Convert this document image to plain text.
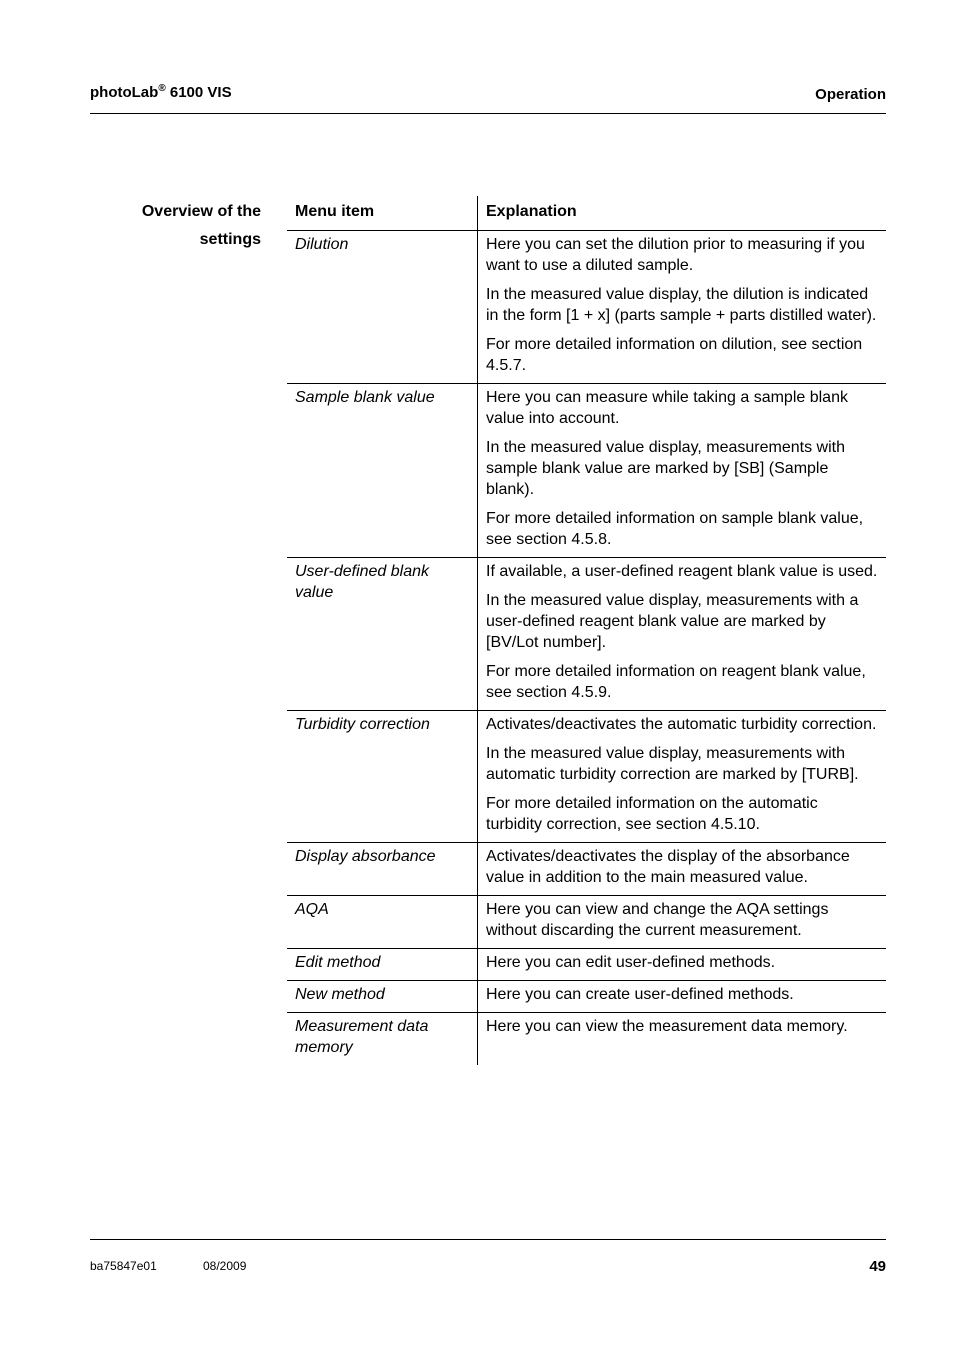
photoLab® 6100 VIS	Operation
Overview of the
settings
Menu item	Explanation
Dilution	Here you can set the dilution prior to measuring if you want to use a diluted sample.
In the measured value display, the dilution is indicated in the form [1 + x] (parts sample + parts distilled water).
For more detailed information on dilution, see section 4.5.7.

Sample blank value	Here you can measure while taking a sample blank value into account.
In the measured value display, measurements with sample blank value are marked by [SB] (Sample blank).
For more detailed information on sample blank value, see section 4.5.8.

User-defined blank value	If available, a user-defined reagent blank value is used.
In the measured value display, measurements with a user-defined reagent blank value are marked by [BV/Lot number].
For more detailed information on reagent blank value, see section 4.5.9.

Turbidity correction	Activates/deactivates the automatic turbidity correction.
In the measured value display, measurements with automatic turbidity correction are marked by [TURB].
For more detailed information on the automatic turbidity correction, see section 4.5.10.

Display absorbance	Activates/deactivates the display of the absorbance value in addition to the main measured value.

AQA	Here you can view and change the AQA settings without discarding the current measurement.

Edit method	Here you can edit user-defined methods.

New method	Here you can create user-defined methods.

Measurement data memory	Here you can view the measurement data memory.
ba75847e01	08/2009	49
